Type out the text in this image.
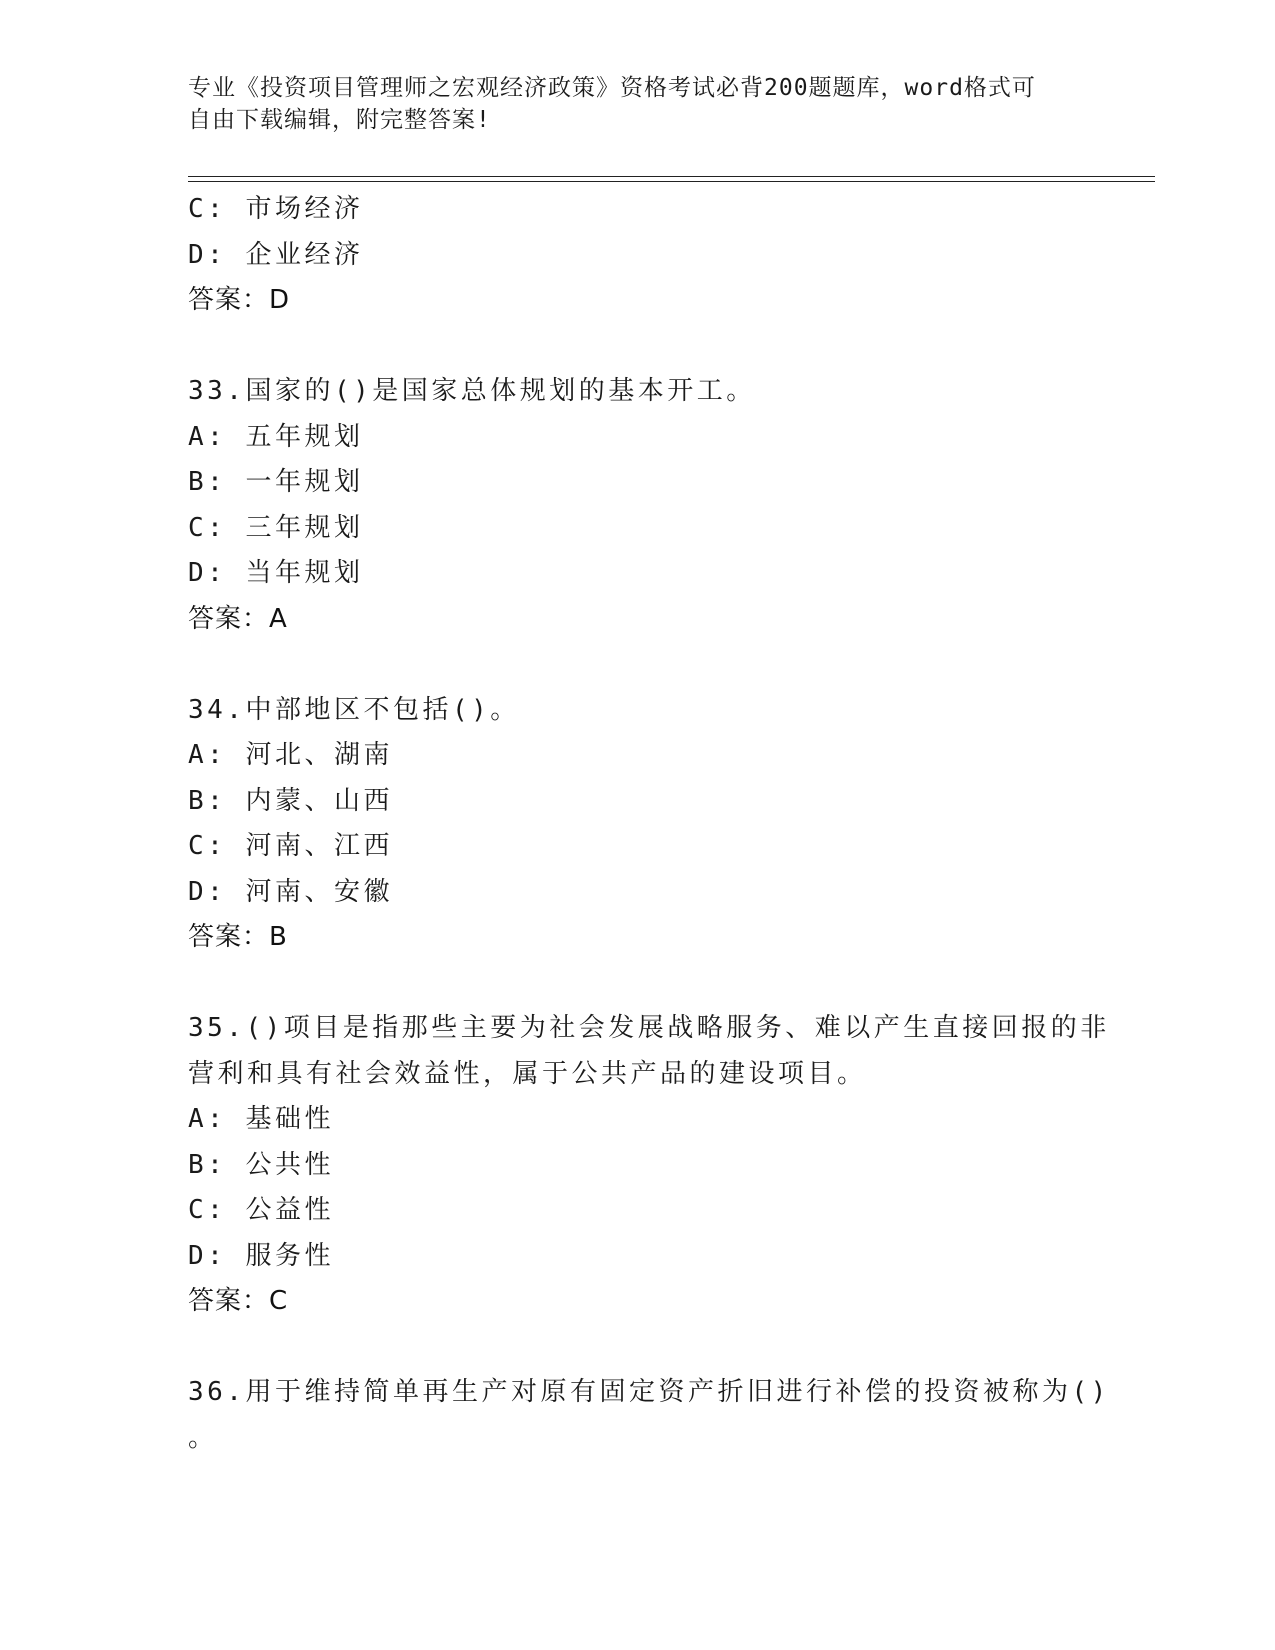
专业《投资项目管理师之宏观经济政策》资格考试必背200题题库，word格式可
自由下载编辑，附完整答案!
C: 市场经济
D: 企业经济
答案：D
33.国家的()是国家总体规划的基本开工。
A: 五年规划
B: 一年规划
C: 三年规划
D: 当年规划
答案：A
34.中部地区不包括()。
A: 河北、湖南
B: 内蒙、山西
C: 河南、江西
D: 河南、安徽
答案：B
35.()项目是指那些主要为社会发展战略服务、难以产生直接回报的非
营利和具有社会效益性，属于公共产品的建设项目。
A: 基础性
B: 公共性
C: 公益性
D: 服务性
答案：C
36.用于维持简单再生产对原有固定资产折旧进行补偿的投资被称为()
。
